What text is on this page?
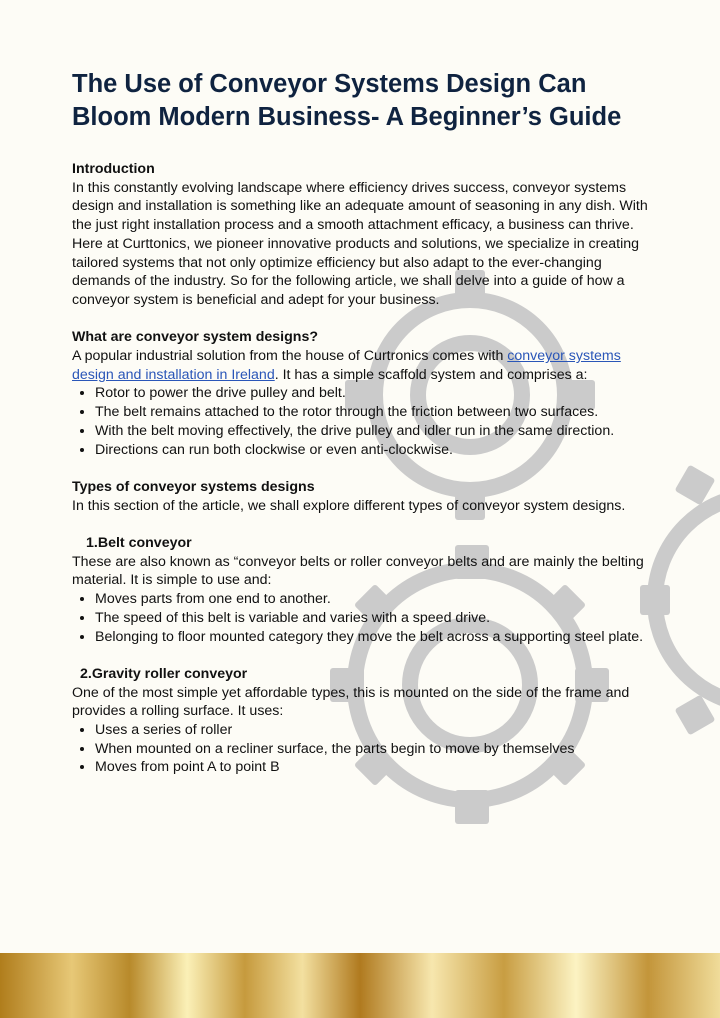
The Use of Conveyor Systems Design Can Bloom Modern Business- A Beginner’s Guide

Introduction

In this constantly evolving landscape where efficiency drives success, conveyor systems design and installation is something like an adequate amount of seasoning in any dish. With the just right installation process and a smooth attachment efficacy, a business can thrive. Here at Curttonics, we pioneer innovative products and solutions, we specialize in creating tailored systems that not only optimize efficiency but also adapt to the ever-changing demands of the industry. So for the following article, we shall delve into a guide of how a conveyor system is beneficial and adept for your business.

What are conveyor system designs?

A popular industrial solution from the house of Curtronics comes with conveyor systems design and installation in Ireland. It has a simple scaffold system and comprises a:

• Rotor to power the drive pulley and belt.
• The belt remains attached to the rotor through the friction between two surfaces.
• With the belt moving effectively, the drive pulley and idler run in the same direction.
• Directions can run both clockwise or even anti-clockwise.

Types of conveyor systems designs

In this section of the article, we shall explore different types of conveyor system designs.

1.Belt conveyor

These are also known as “conveyor belts or roller conveyor belts and are mainly the belting material. It is simple to use and:

• Moves parts from one end to another.
• The speed of this belt is variable and varies with a speed drive.
• Belonging to floor mounted category they move the belt across a supporting steel plate.

2.Gravity roller conveyor

One of the most simple yet affordable types, this is mounted on the side of the frame and provides a rolling surface. It uses:

• Uses a series of roller
• When mounted on a recliner surface, the parts begin to move by themselves
• Moves from point A to point B
